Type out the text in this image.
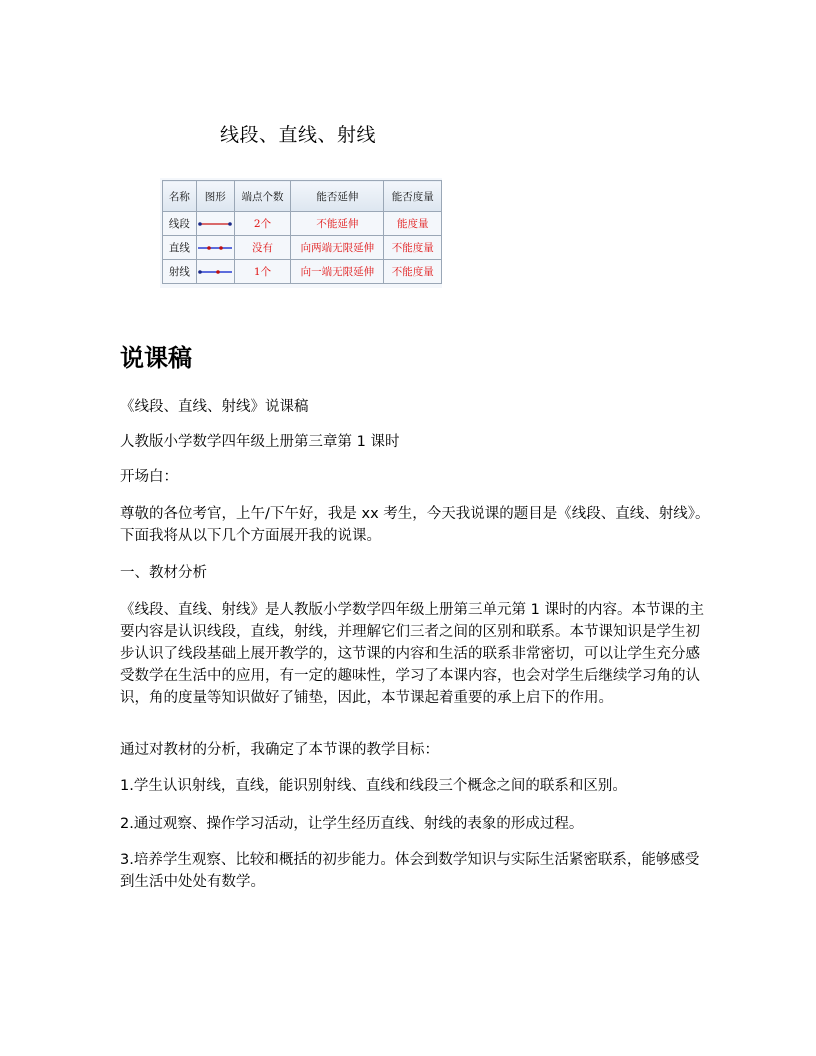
线段、直线、射线
名称	图形	端点个数	能否延伸	能否度量
线段		2个	不能延伸	能度量
直线		没有	向两端无限延伸	不能度量
射线		1个	向一端无限延伸	不能度量
说课稿
《线段、直线、射线》说课稿
人教版小学数学四年级上册第三章第 1 课时
开场白：
尊敬的各位考官，上午/下午好，我是 xx 考生，今天我说课的题目是《线段、直线、射线》。下面我将从以下几个方面展开我的说课。
一、教材分析
《线段、直线、射线》是人教版小学数学四年级上册第三单元第 1 课时的内容。本节课的主要内容是认识线段，直线，射线，并理解它们三者之间的区别和联系。本节课知识是学生初步认识了线段基础上展开教学的，这节课的内容和生活的联系非常密切，可以让学生充分感受数学在生活中的应用，有一定的趣味性，学习了本课内容，也会对学生后继续学习角的认识，角的度量等知识做好了铺垫，因此，本节课起着重要的承上启下的作用。
通过对教材的分析，我确定了本节课的教学目标：
1.学生认识射线，直线，能识别射线、直线和线段三个概念之间的联系和区别。
2.通过观察、操作学习活动，让学生经历直线、射线的表象的形成过程。
3.培养学生观察、比较和概括的初步能力。体会到数学知识与实际生活紧密联系，能够感受到生活中处处有数学。
